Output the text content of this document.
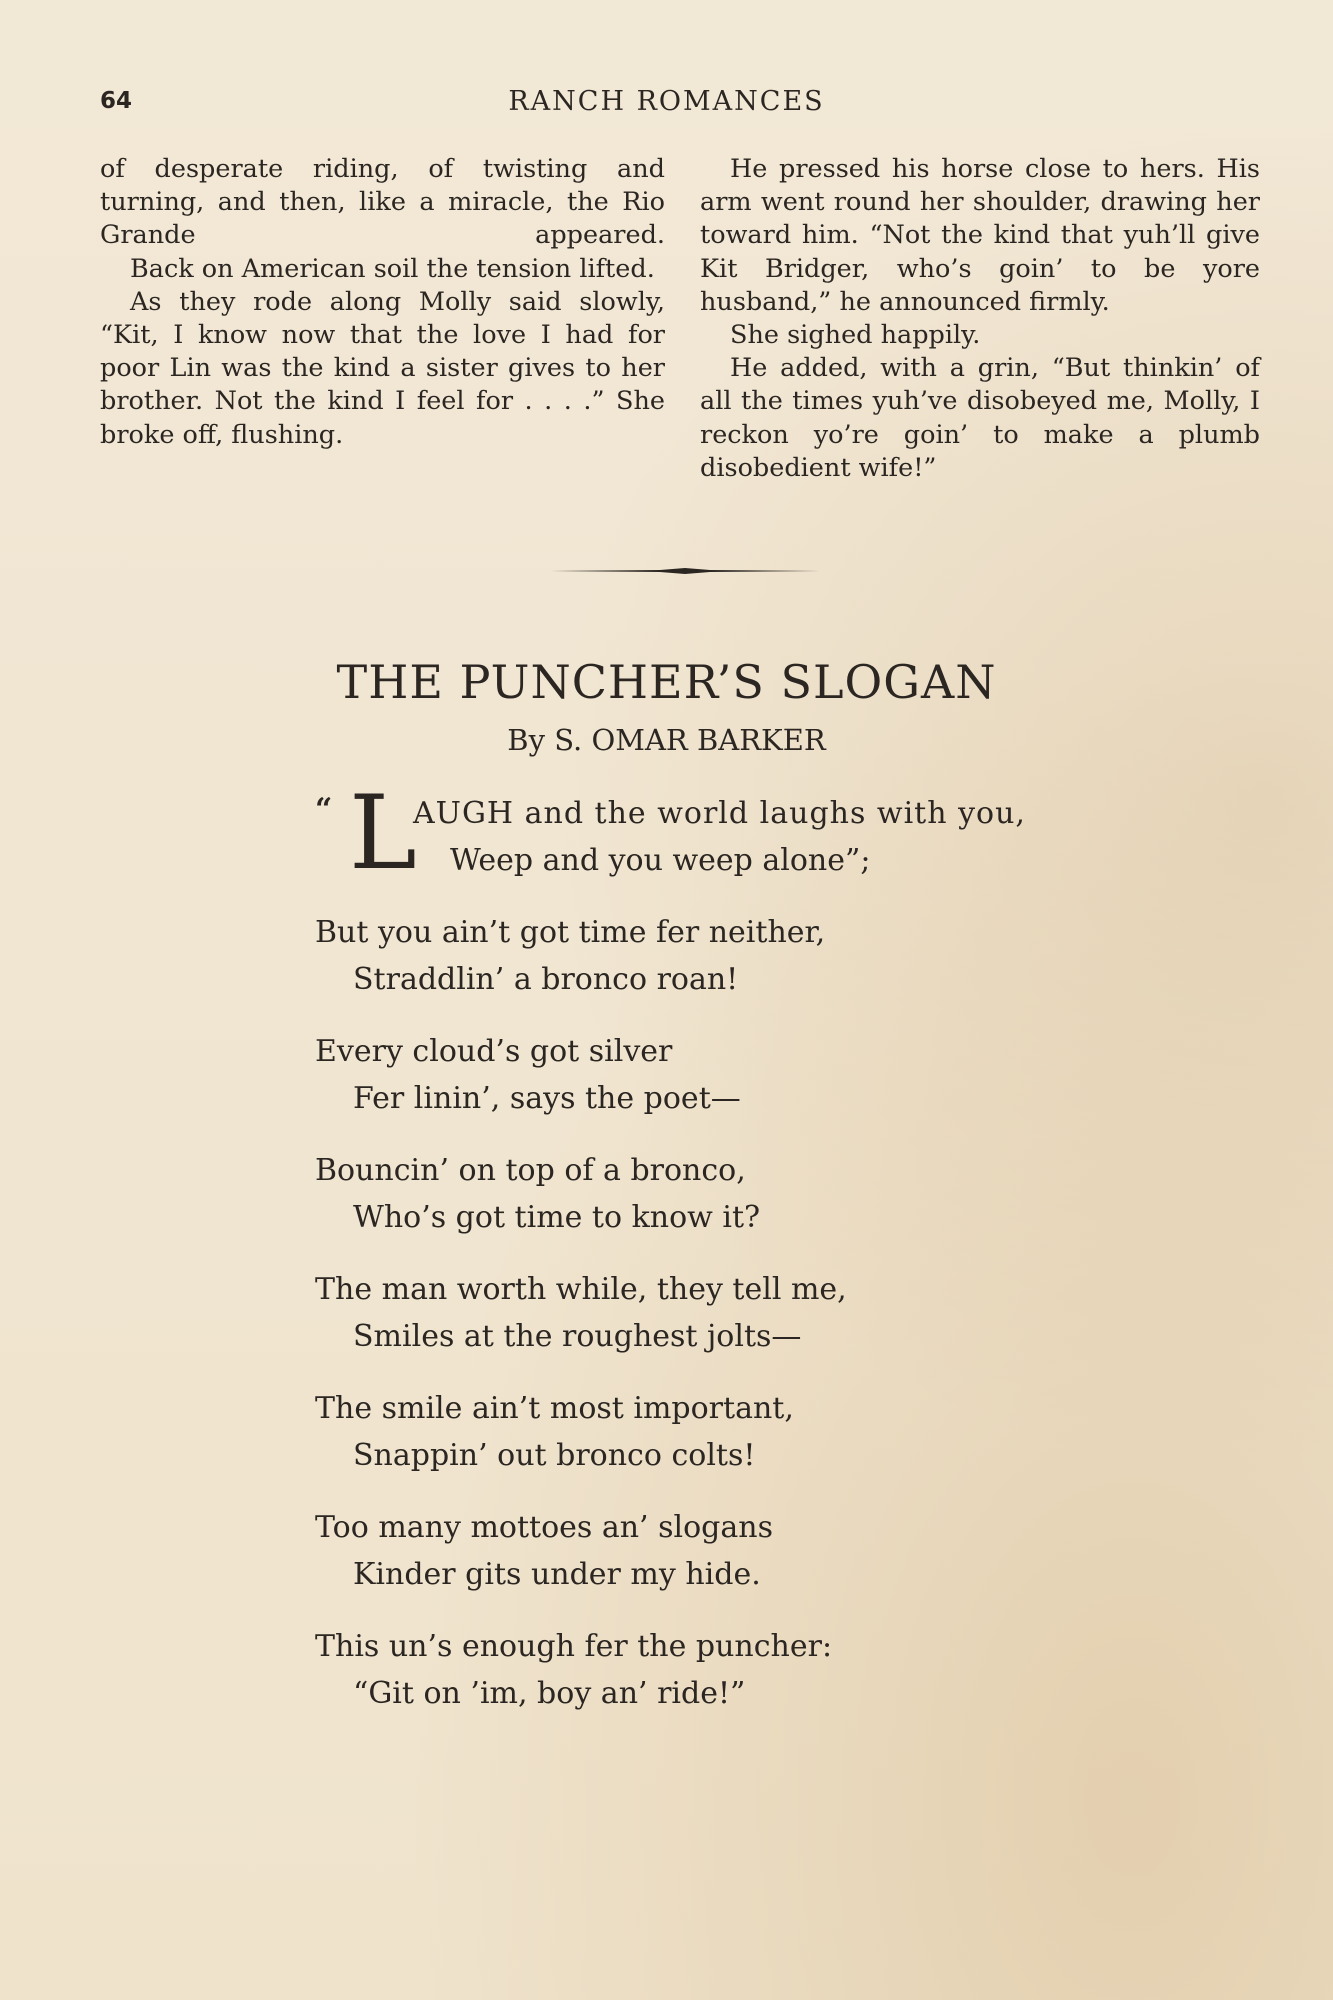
64	RANCH ROMANCES

of desperate riding, of twisting and turning, and then, like a miracle, the Rio Grande appeared.

Back on American soil the tension lifted.

As they rode along Molly said slowly, “Kit, I know now that the love I had for poor Lin was the kind a sister gives to her brother. Not the kind I feel for . . . .” She broke off, flushing.

He pressed his horse close to hers. His arm went round her shoulder, drawing her toward him. “Not the kind that yuh’ll give Kit Bridger, who’s goin’ to be yore husband,” he announced firmly.

She sighed happily.

He added, with a grin, “But thinkin’ of all the times yuh’ve disobeyed me, Molly, I reckon yo’re goin’ to make a plumb disobedient wife!”

THE PUNCHER’S SLOGAN
By S. OMAR BARKER
“ L
AUGH and the world laughs with you,
Weep and you weep alone”;
But you ain’t got time fer neither,
Straddlin’ a bronco roan!
Every cloud’s got silver
Fer linin’, says the poet—
Bouncin’ on top of a bronco,
Who’s got time to know it?
The man worth while, they tell me,
Smiles at the roughest jolts—
The smile ain’t most important,
Snappin’ out bronco colts!
Too many mottoes an’ slogans
Kinder gits under my hide.
This un’s enough fer the puncher:
“Git on ’im, boy an’ ride!”
